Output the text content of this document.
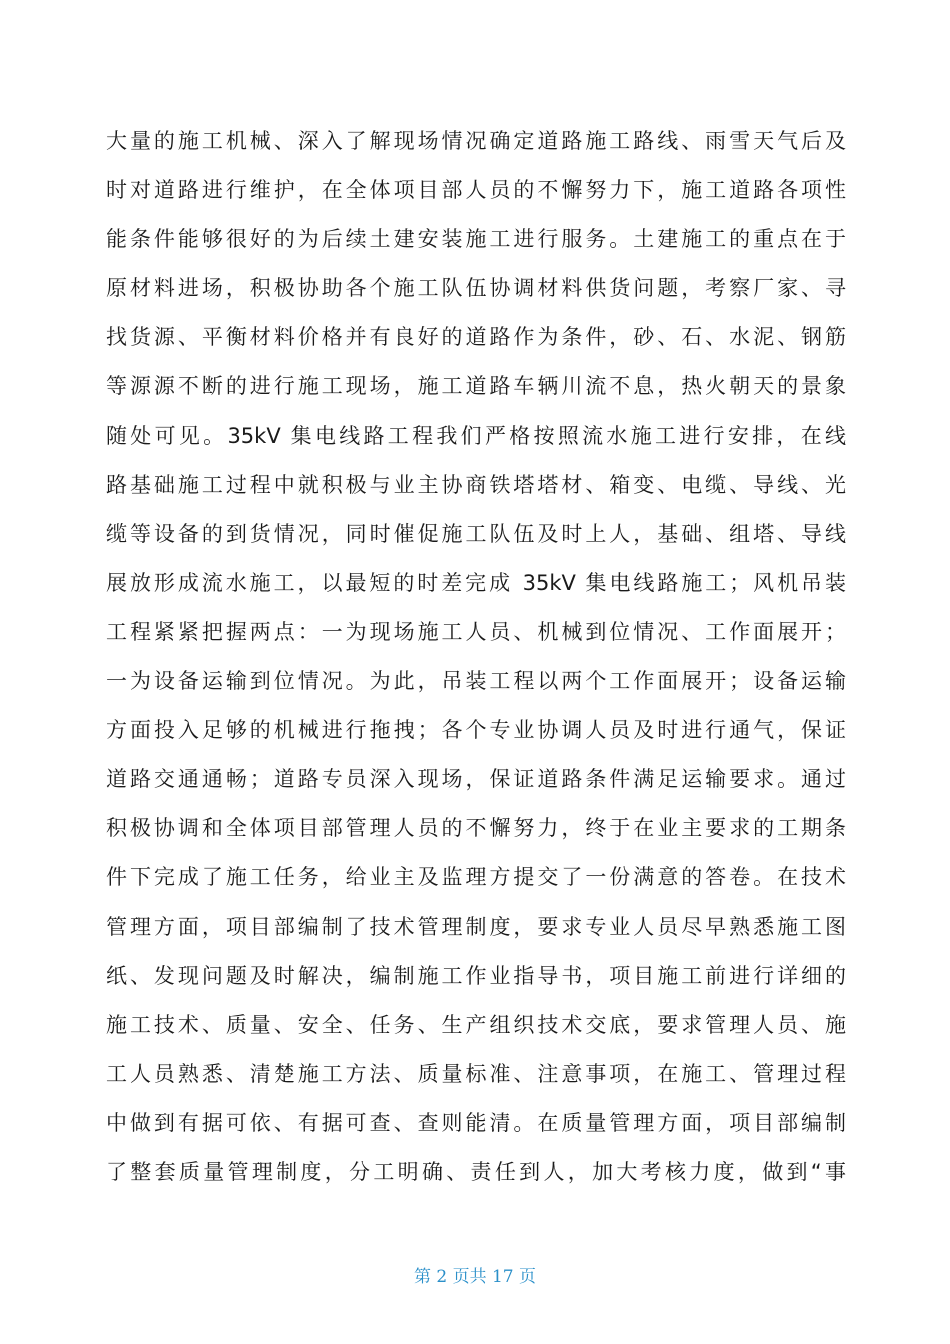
大量的施工机械、深入了解现场情况确定道路施工路线、雨雪天气后及
时对道路进行维护，在全体项目部人员的不懈努力下，施工道路各项性
能条件能够很好的为后续土建安装施工进行服务。土建施工的重点在于
原材料进场，积极协助各个施工队伍协调材料供货问题，考察厂家、寻
找货源、平衡材料价格并有良好的道路作为条件，砂、石、水泥、钢筋
等源源不断的进行施工现场，施工道路车辆川流不息，热火朝天的景象
随处可见。35kV 集电线路工程我们严格按照流水施工进行安排，在线
路基础施工过程中就积极与业主协商铁塔塔材、箱变、电缆、导线、光
缆等设备的到货情况，同时催促施工队伍及时上人，基础、组塔、导线
展放形成流水施工，以最短的时差完成 35kV 集电线路施工；风机吊装
工程紧紧把握两点：一为现场施工人员、机械到位情况、工作面展开；
一为设备运输到位情况。为此，吊装工程以两个工作面展开；设备运输
方面投入足够的机械进行拖拽；各个专业协调人员及时进行通气，保证
道路交通通畅；道路专员深入现场，保证道路条件满足运输要求。通过
积极协调和全体项目部管理人员的不懈努力，终于在业主要求的工期条
件下完成了施工任务，给业主及监理方提交了一份满意的答卷。在技术
管理方面，项目部编制了技术管理制度，要求专业人员尽早熟悉施工图
纸、发现问题及时解决，编制施工作业指导书，项目施工前进行详细的
施工技术、质量、安全、任务、生产组织技术交底，要求管理人员、施
工人员熟悉、清楚施工方法、质量标准、注意事项，在施工、管理过程
中做到有据可依、有据可查、查则能清。在质量管理方面，项目部编制
了整套质量管理制度，分工明确、责任到人，加大考核力度，做到“事
第 2 页共 17 页
